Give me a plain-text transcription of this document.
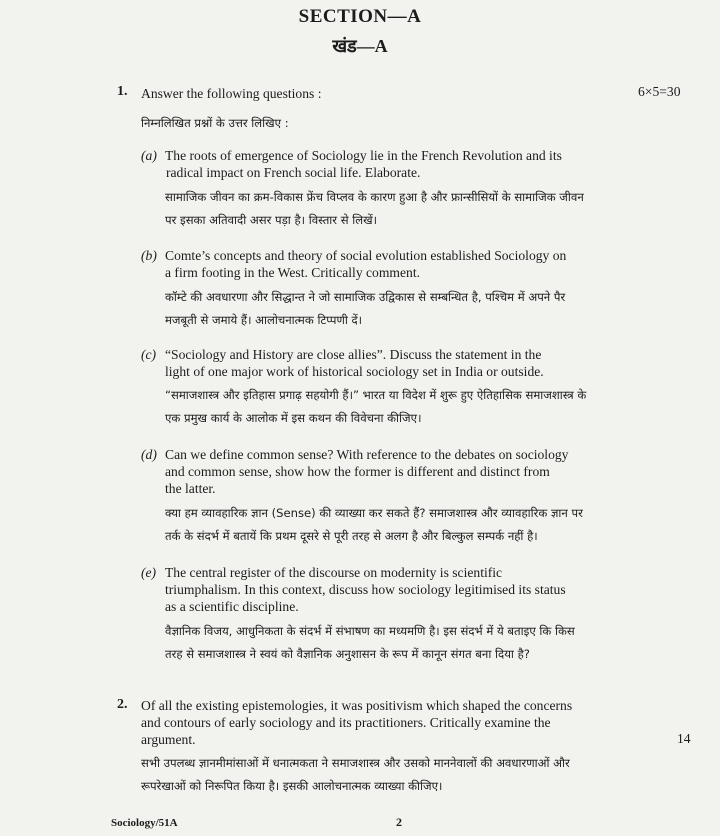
SECTION—A
खंड—A
1. Answer the following questions :	6×5=30
निम्नलिखित प्रश्नों के उत्तर लिखिए :
(a) The roots of emergence of Sociology lie in the French Revolution and its
radical impact on French social life. Elaborate.
सामाजिक जीवन का क्रम-विकास फ्रेंच विप्लव के कारण हुआ है और फ्रान्सीसियों के सामाजिक जीवन
पर इसका अतिवादी असर पड़ा है। विस्तार से लिखें।
(b) Comte’s concepts and theory of social evolution established Sociology on
a firm footing in the West. Critically comment.
कॉम्टे की अवधारणा और सिद्धान्त ने जो सामाजिक उद्विकास से सम्बन्धित है, पश्चिम में अपने पैर
मजबूती से जमाये हैं। आलोचनात्मक टिप्पणी दें।
(c) “Sociology and History are close allies”. Discuss the statement in the
light of one major work of historical sociology set in India or outside.
“समाजशास्त्र और इतिहास प्रगाढ़ सहयोगी हैं।” भारत या विदेश में शुरू हुए ऐतिहासिक समाजशास्त्र के
एक प्रमुख कार्य के आलोक में इस कथन की विवेचना कीजिए।
(d) Can we define common sense? With reference to the debates on sociology
and common sense, show how the former is different and distinct from
the latter.
क्या हम व्यावहारिक ज्ञान (Sense) की व्याख्या कर सकते हैं? समाजशास्त्र और व्यावहारिक ज्ञान पर
तर्क के संदर्भ में बतायें कि प्रथम दूसरे से पूरी तरह से अलग है और बिल्कुल सम्पर्क नहीं है।
(e) The central register of the discourse on modernity is scientific
triumphalism. In this context, discuss how sociology legitimised its status
as a scientific discipline.
वैज्ञानिक विजय, आधुनिकता के संदर्भ में संभाषण का मध्यमणि है। इस संदर्भ में ये बताइए कि किस
तरह से समाजशास्त्र ने स्वयं को वैज्ञानिक अनुशासन के रूप में कानून संगत बना दिया है?
2. Of all the existing epistemologies, it was positivism which shaped the concerns
and contours of early sociology and its practitioners. Critically examine the
argument.	14
सभी उपलब्ध ज्ञानमीमांसाओं में धनात्मकता ने समाजशास्त्र और उसको माननेवालों की अवधारणाओं और
रूपरेखाओं को निरूपित किया है। इसकी आलोचनात्मक व्याख्या कीजिए।
Sociology/51A	2
